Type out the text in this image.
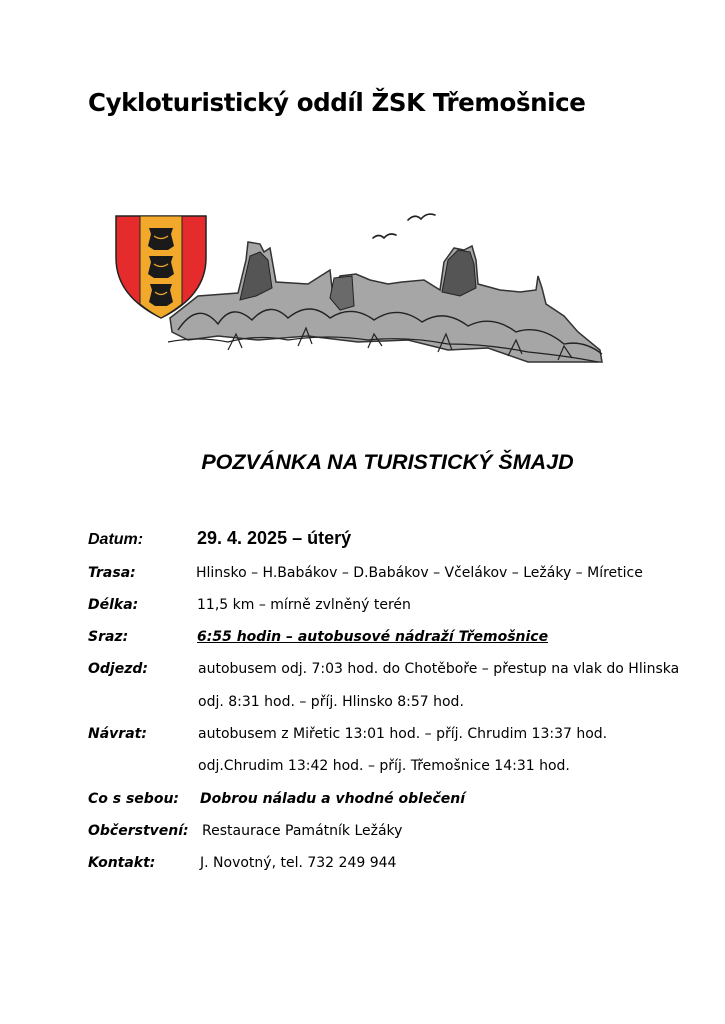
Cykloturistický oddíl ŽSK Třemošnice
POZVÁNKA NA TURISTICKÝ ŠMAJD
Datum:	29. 4. 2025 – úterý
Trasa:	Hlinsko – H.Babákov – D.Babákov – Včelákov – Ležáky – Míretice
Délka:	11,5 km – mírně zvlněný terén
Sraz:	6:55 hodin – autobusové nádraží Třemošnice
Odjezd:	autobusem odj. 7:03 hod. do Chotěboře – přestup na vlak do Hlinska
odj. 8:31 hod. – příj. Hlinsko 8:57 hod.
Návrat:	autobusem z Miřetic 13:01 hod. – příj. Chrudim 13:37 hod.
odj.Chrudim 13:42 hod. – příj. Třemošnice 14:31 hod.
Co s sebou: Dobrou náladu a vhodné oblečení
Občerstvení: Restaurace Památník Ležáky
Kontakt:	J. Novotný, tel. 732 249 944
